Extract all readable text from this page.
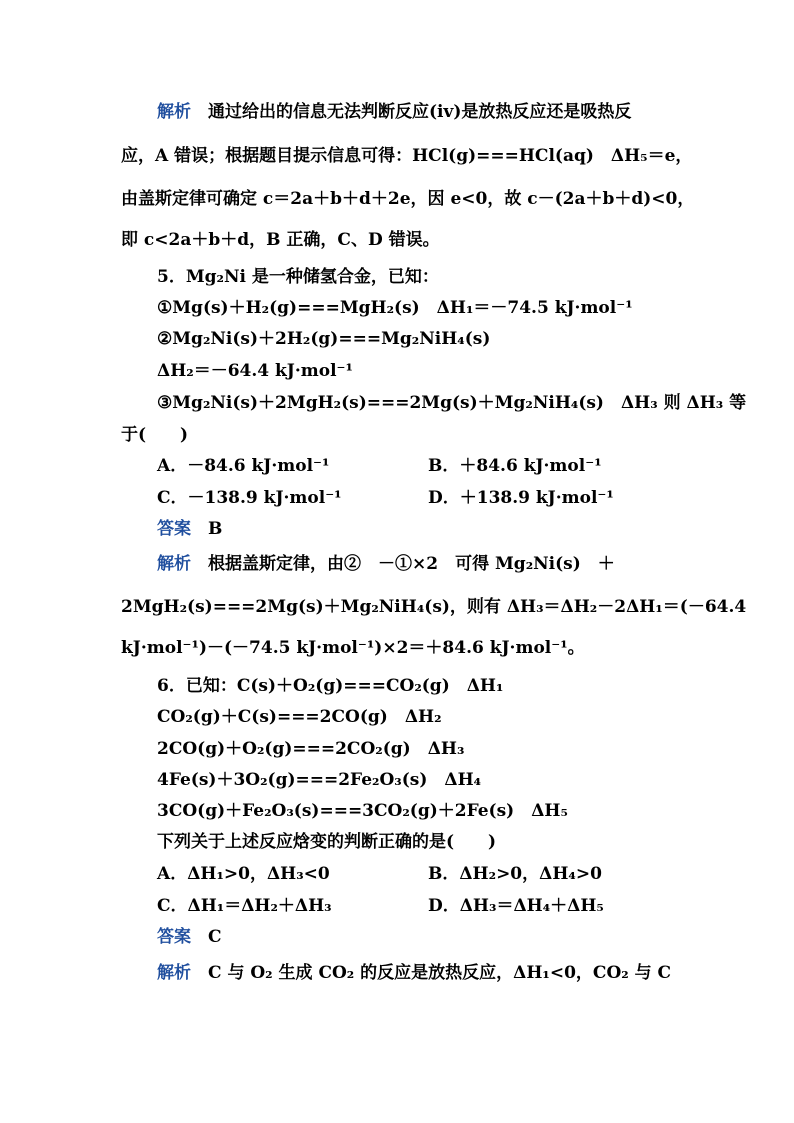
解析　通过给出的信息无法判断反应(ⅳ)是放热反应还是吸热反
应，A 错误；根据题目提示信息可得：HCl(g)===HCl(aq)　ΔH₅＝e，
由盖斯定律可确定 c＝2a＋b＋d＋2e，因 e<0，故 c－(2a＋b＋d)<0，
即 c<2a＋b＋d，B 正确，C、D 错误。
5．Mg₂Ni 是一种储氢合金，已知：
①Mg(s)＋H₂(g)===MgH₂(s)　ΔH₁＝－74.5 kJ·mol⁻¹
②Mg₂Ni(s)＋2H₂(g)===Mg₂NiH₄(s)
ΔH₂＝－64.4 kJ·mol⁻¹
③Mg₂Ni(s)＋2MgH₂(s)===2Mg(s)＋Mg₂NiH₄(s)　ΔH₃ 则 ΔH₃ 等
于(　　)
A．－84.6 kJ·mol⁻¹	B．＋84.6 kJ·mol⁻¹
C．－138.9 kJ·mol⁻¹	D．＋138.9 kJ·mol⁻¹
答案　B
解析　根据盖斯定律，由②　－①×2　可得 Mg₂Ni(s)　＋
2MgH₂(s)===2Mg(s)＋Mg₂NiH₄(s)，则有 ΔH₃＝ΔH₂－2ΔH₁＝(－64.4
kJ·mol⁻¹)－(－74.5 kJ·mol⁻¹)×2＝＋84.6 kJ·mol⁻¹。
6．已知：C(s)＋O₂(g)===CO₂(g)　ΔH₁
CO₂(g)＋C(s)===2CO(g)　ΔH₂
2CO(g)＋O₂(g)===2CO₂(g)　ΔH₃
4Fe(s)＋3O₂(g)===2Fe₂O₃(s)　ΔH₄
3CO(g)＋Fe₂O₃(s)===3CO₂(g)＋2Fe(s)　ΔH₅
下列关于上述反应焓变的判断正确的是(　　)
A．ΔH₁>0，ΔH₃<0	B．ΔH₂>0，ΔH₄>0
C．ΔH₁＝ΔH₂＋ΔH₃	D．ΔH₃＝ΔH₄＋ΔH₅
答案　C
解析　C 与 O₂ 生成 CO₂ 的反应是放热反应，ΔH₁<0，CO₂ 与 C
